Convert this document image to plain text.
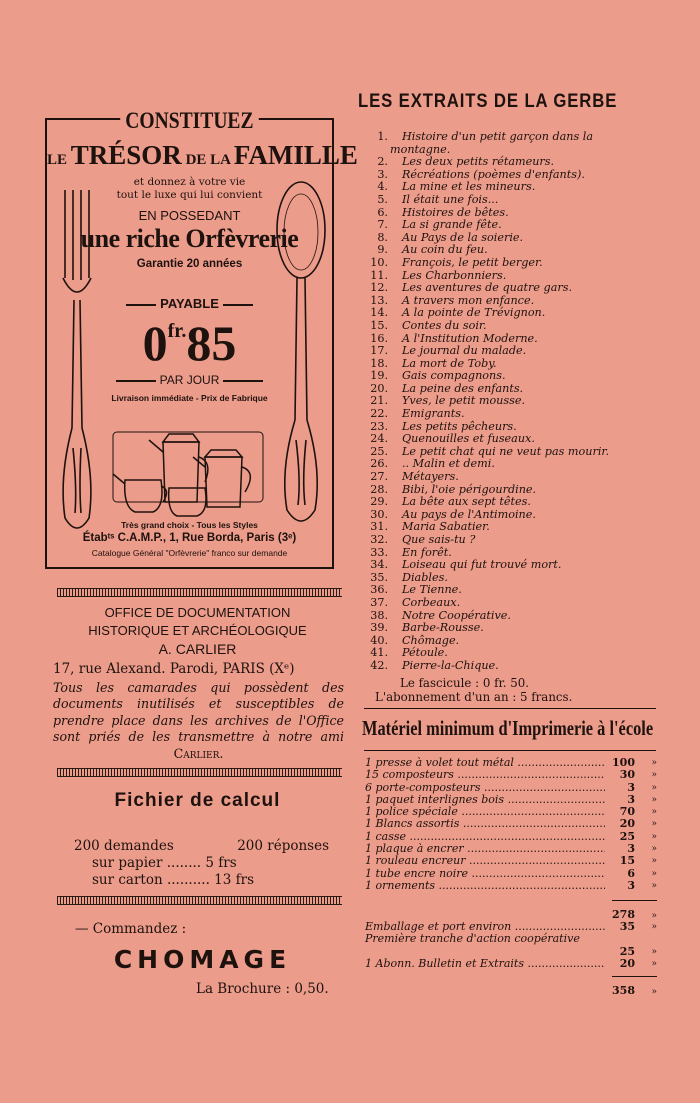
CONSTITUEZ
LE TRÉSOR DE LA FAMILLE
et donnez à votre vie
tout le luxe qui lui convient
EN POSSEDANT
une riche Orfèvrerie
Garantie 20 années
PAYABLE
0fr.85
PAR JOUR
Livraison immédiate - Prix de Fabrique
Très grand choix - Tous les Styles
Étabᵗˢ C.A.M.P., 1, Rue Borda, Paris (3ᵉ)
Catalogue Général "Orfèvrerie" franco sur demande
OFFICE DE DOCUMENTATION
HISTORIQUE ET ARCHÉOLOGIQUE
A. CARLIER
17, rue Alexand. Parodi, PARIS (Xᵉ)
Tous les camarades qui possèdent des documents inutilisés et susceptibles de prendre place dans les archives de l'Office sont priés de les transmettre à notre ami Carlier.
Fichier de calcul
200 demandes	200 réponses
sur papier ........ 5 frs
sur carton .......... 13 frs
— Commandez :
CHOMAGE
La Brochure : 0,50.
LES EXTRAITS DE LA GERBE
1. Histoire d'un petit garçon dans la
montagne.
2. Les deux petits rétameurs.
3. Récréations (poèmes d'enfants).
4. La mine et les mineurs.
5. Il était une fois...
6. Histoires de bêtes.
7. La si grande fête.
8. Au Pays de la soierie.
9. Au coin du feu.
10. François, le petit berger.
11. Les Charbonniers.
12. Les aventures de quatre gars.
13. A travers mon enfance.
14. A la pointe de Trévignon.
15. Contes du soir.
16. A l'Institution Moderne.
17. Le journal du malade.
18. La mort de Toby.
19. Gais compagnons.
20. La peine des enfants.
21. Yves, le petit mousse.
22. Emigrants.
23. Les petits pêcheurs.
24. Quenouilles et fuseaux.
25. Le petit chat qui ne veut pas mourir.
26. .. Malin et demi.
27. Métayers.
28. Bibi, l'oie périgourdine.
29. La bête aux sept têtes.
30. Au pays de l'Antimoine.
31. Maria Sabatier.
32. Que sais-tu ?
33. En forêt.
34. Loiseau qui fut trouvé mort.
35. Diables.
36. Le Tienne.
37. Corbeaux.
38. Notre Coopérative.
39. Barbe-Rousse.
40. Chômage.
41. Pétoule.
42. Pierre-la-Chique.
Le fascicule : 0 fr. 50.
L'abonnement d'un an : 5 francs.
Matériel minimum d'Imprimerie à l'école
1 presse à volet tout métal .....	100	»
15 composteurs .....	30	»
6 porte-composteurs .....	3	»
1 paquet interlignes bois .....	3	»
1 police spéciale .....	70	»
1 Blancs assortis .....	20	»
1 casse .....	25	»
1 plaque à encrer .....	3	»
1 rouleau encreur .....	15	»
1 tube encre noire .....	6	»
1 ornements .....	3	»
278 »
Emballage et port environ .....	35	»
Première tranche d'action coopérative
25	»
1 Abonn. Bulletin et Extraits .....	20	»
358 »
